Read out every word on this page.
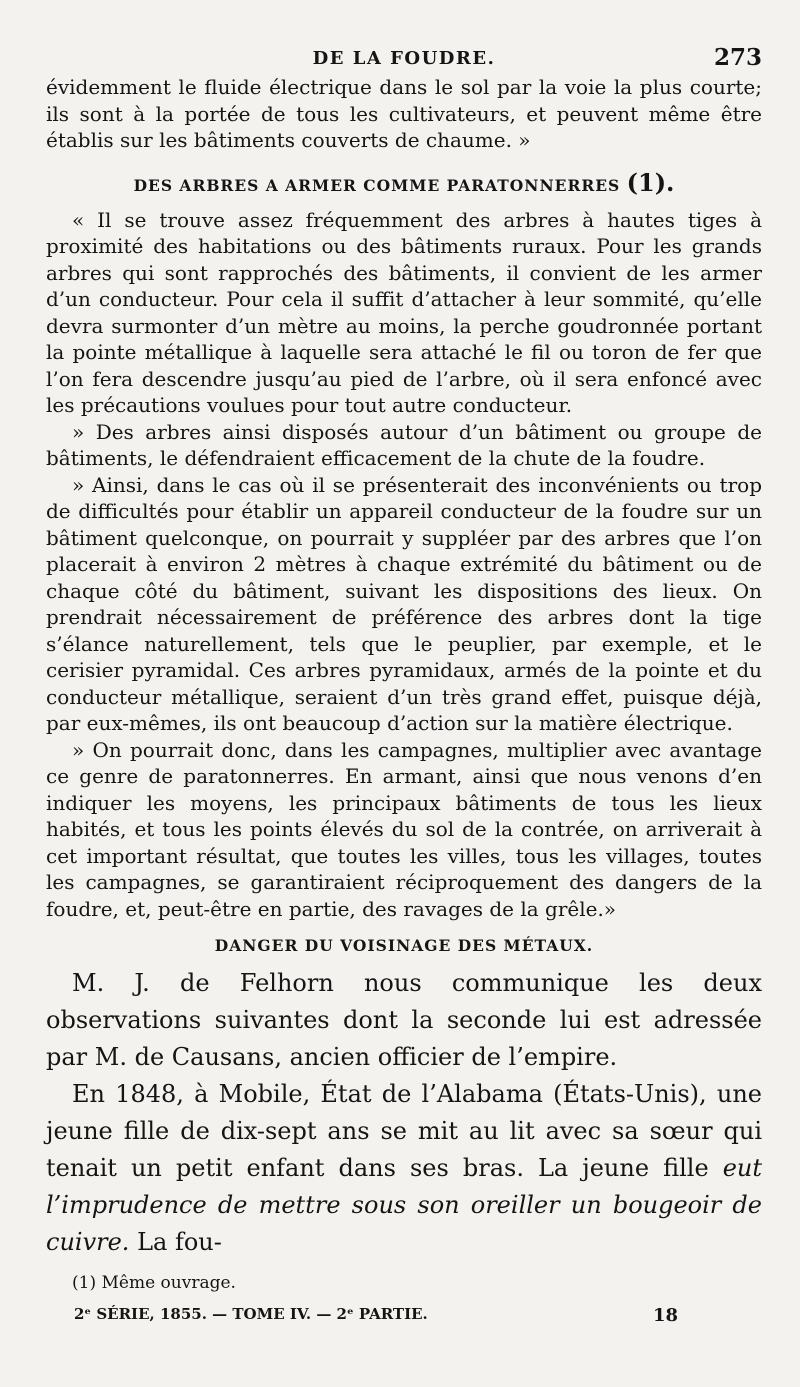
DE LA FOUDRE.	273

évidemment le fluide électrique dans le sol par la voie la plus courte; ils sont à la portée de tous les cultivateurs, et peuvent même être établis sur les bâtiments couverts de chaume. »

DES ARBRES A ARMER COMME PARATONNERRES (1).

« Il se trouve assez fréquemment des arbres à hautes tiges à proximité des habitations ou des bâtiments ruraux. Pour les grands arbres qui sont rapprochés des bâtiments, il convient de les armer d’un conducteur. Pour cela il suffit d’attacher à leur sommité, qu’elle devra surmonter d’un mètre au moins, la perche goudronnée portant la pointe métallique à laquelle sera attaché le fil ou toron de fer que l’on fera descendre jusqu’au pied de l’arbre, où il sera enfoncé avec les précautions voulues pour tout autre conducteur.

» Des arbres ainsi disposés autour d’un bâtiment ou groupe de bâtiments, le défendraient efficacement de la chute de la foudre.

» Ainsi, dans le cas où il se présenterait des inconvénients ou trop de difficultés pour établir un appareil conducteur de la foudre sur un bâtiment quelconque, on pourrait y suppléer par des arbres que l’on placerait à environ 2 mètres à chaque extrémité du bâtiment ou de chaque côté du bâtiment, suivant les dispositions des lieux. On prendrait nécessairement de préférence des arbres dont la tige s’élance naturellement, tels que le peuplier, par exemple, et le cerisier pyramidal. Ces arbres pyramidaux, armés de la pointe et du conducteur métallique, seraient d’un très grand effet, puisque déjà, par eux-mêmes, ils ont beaucoup d’action sur la matière électrique.

» On pourrait donc, dans les campagnes, multiplier avec avantage ce genre de paratonnerres. En armant, ainsi que nous venons d’en indiquer les moyens, les principaux bâtiments de tous les lieux habités, et tous les points élevés du sol de la contrée, on arriverait à cet important résultat, que toutes les villes, tous les villages, toutes les campagnes, se garantiraient réciproquement des dangers de la foudre, et, peut-être en partie, des ravages de la grêle.»

DANGER DU VOISINAGE DES MÉTAUX.

M. J. de Felhorn nous communique les deux observations suivantes dont la seconde lui est adressée par M. de Causans, ancien officier de l’empire.

En 1848, à Mobile, État de l’Alabama (États-Unis), une jeune fille de dix-sept ans se mit au lit avec sa sœur qui tenait un petit enfant dans ses bras. La jeune fille eut l’imprudence de mettre sous son oreiller un bougeoir de cuivre. La fou-

(1) Même ouvrage.
2ᵉ SÉRIE, 1855. — TOME IV. — 2ᵉ PARTIE.	18
